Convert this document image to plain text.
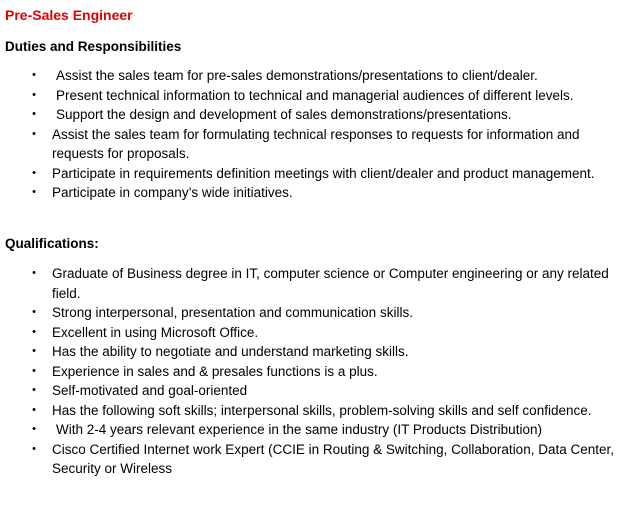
Pre-Sales Engineer
Duties and Responsibilities
• Assist the sales team for pre-sales demonstrations/presentations to client/dealer.
• Present technical information to technical and managerial audiences of different levels.
• Support the design and development of sales demonstrations/presentations.
• Assist the sales team for formulating technical responses to requests for information and requests for proposals.
• Participate in requirements definition meetings with client/dealer and product management.
• Participate in company’s wide initiatives.
Qualifications:
• Graduate of Business degree in IT, computer science or Computer engineering or any related field.
• Strong interpersonal, presentation and communication skills.
• Excellent in using Microsoft Office.
• Has the ability to negotiate and understand marketing skills.
• Experience in sales and & presales functions is a plus.
• Self-motivated and goal-oriented
• Has the following soft skills; interpersonal skills, problem-solving skills and self confidence.
• With 2-4 years relevant experience in the same industry (IT Products Distribution)
• Cisco Certified Internet work Expert (CCIE in Routing & Switching, Collaboration, Data Center, Security or Wireless
